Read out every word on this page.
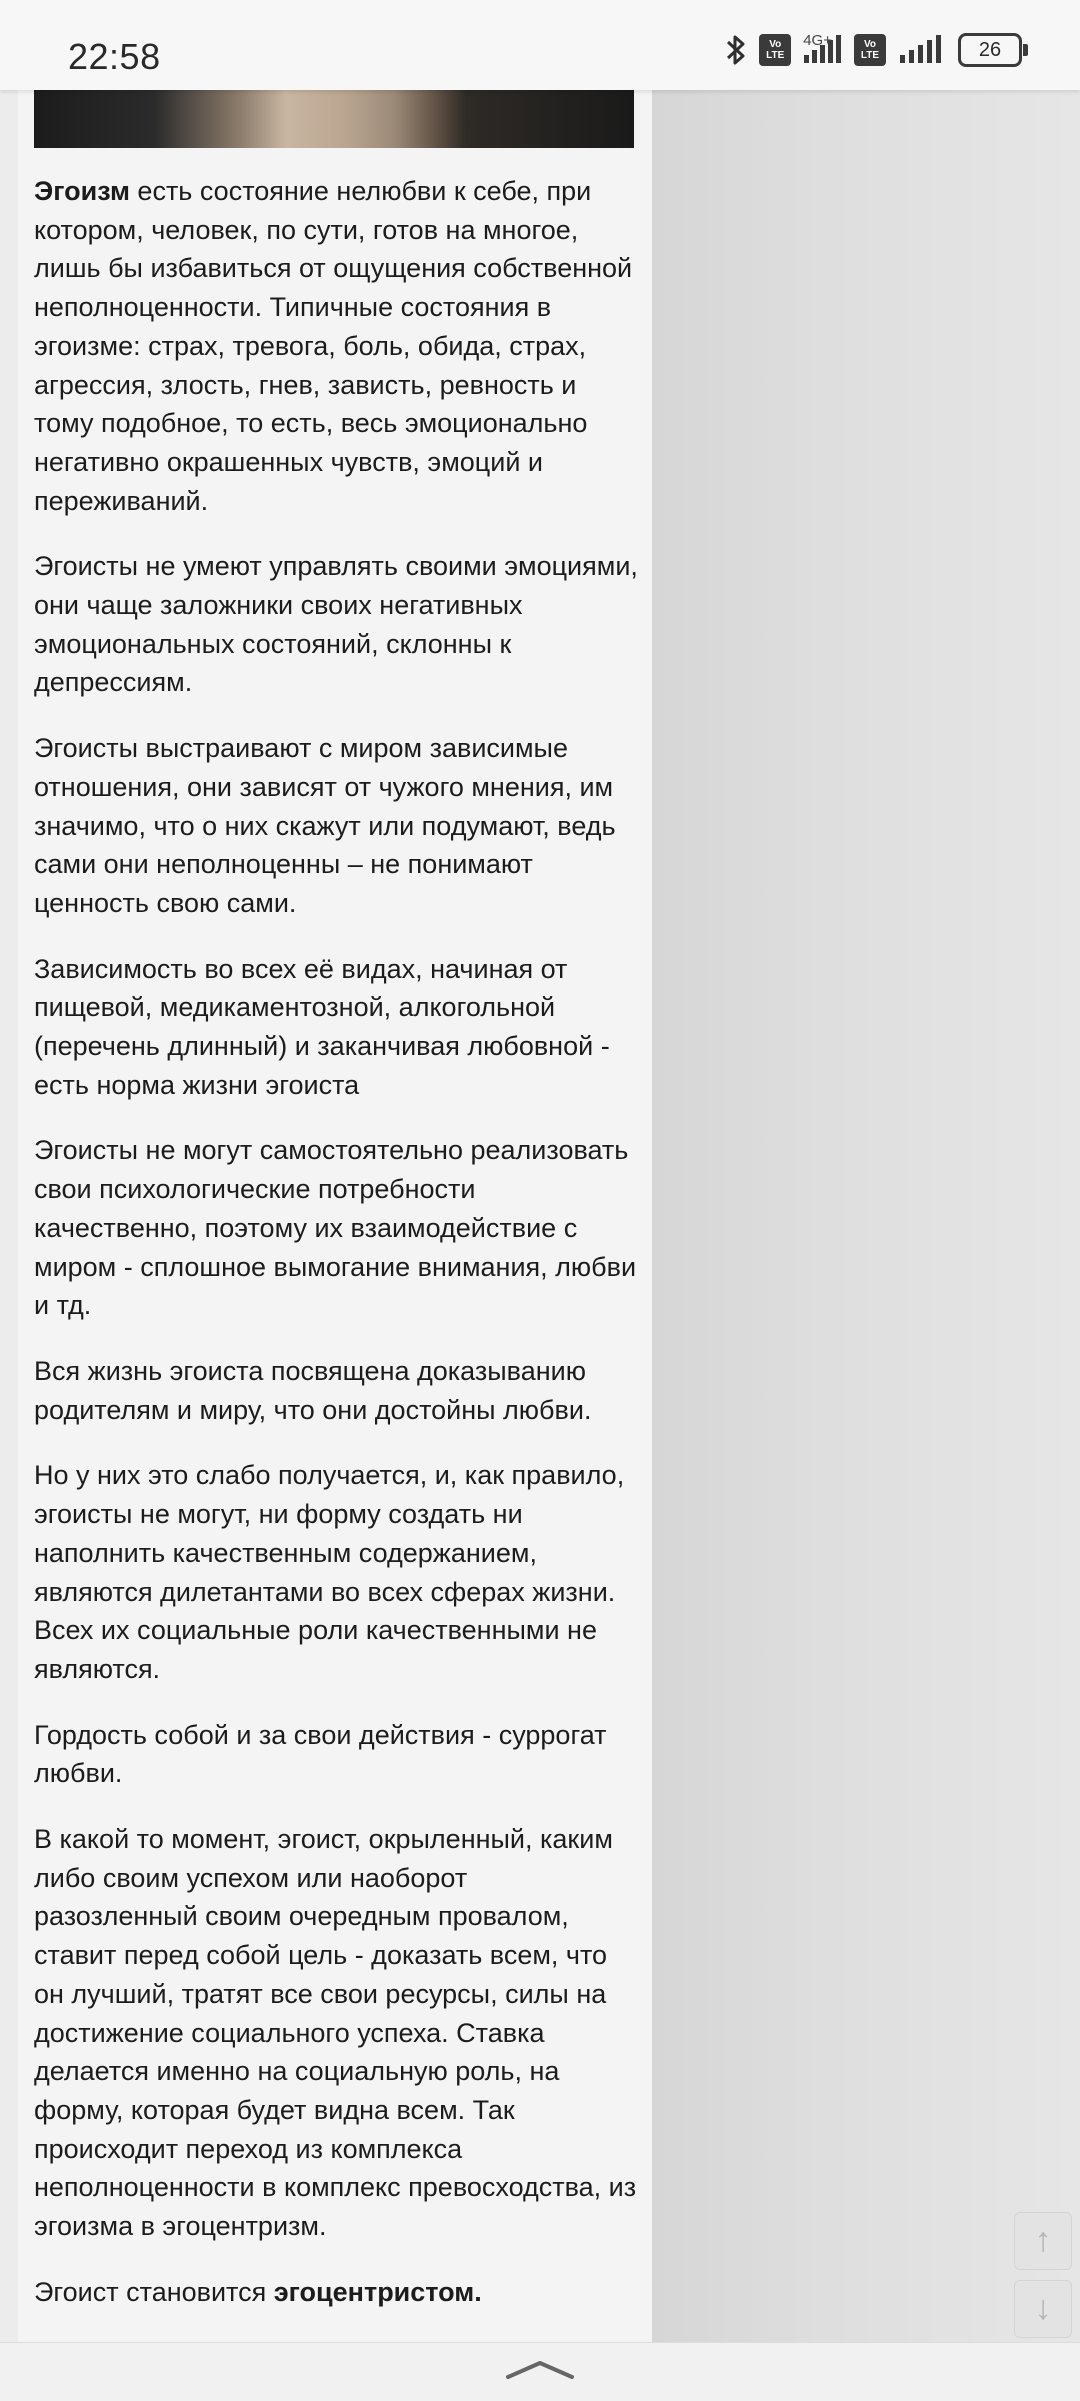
22:58	Vo
LTE
4G+	Vo
LTE	26

Эгоизм есть состояние нелюбви к себе, при котором, человек, по сути, готов на многое, лишь бы избавиться от ощущения собственной неполноценности. Типичные состояния в эгоизме: страх, тревога, боль, обида, страх, агрессия, злость, гнев, зависть, ревность и тому подобное, то есть, весь эмоционально негативно окрашенных чувств, эмоций и переживаний.

Эгоисты не умеют управлять своими эмоциями, они чаще заложники своих негативных эмоциональных состояний, склонны к депрессиям.

Эгоисты выстраивают с миром зависимые отношения, они зависят от чужого мнения, им значимо, что о них скажут или подумают, ведь сами они неполноценны – не понимают ценность свою сами.

Зависимость во всех её видах, начиная от пищевой, медикаментозной, алкогольной (перечень длинный) и заканчивая любовной - есть норма жизни эгоиста

Эгоисты не могут самостоятельно реализовать свои психологические потребности качественно, поэтому их взаимодействие с миром - сплошное вымогание внимания, любви и тд.

Вся жизнь эгоиста посвящена доказыванию родителям и миру, что они достойны любви.

Но у них это слабо получается, и, как правило, эгоисты не могут, ни форму создать ни наполнить качественным содержанием, являются дилетантами во всех сферах жизни. Всех их социальные роли качественными не являются.

Гордость собой и за свои действия - суррогат любви.

В какой то момент, эгоист, окрыленный, каким либо своим успехом или наоборот разозленный своим очередным провалом, ставит перед собой цель - доказать всем, что он лучший, тратят все свои ресурсы, силы на достижение социального успеха. Ставка делается именно на социальную роль, на форму, которая будет видна всем. Так происходит переход из комплекса неполноценности в комплекс превосходства, из эгоизма в эгоцентризм.

Эгоист становится эгоцентристом.

↑
↓
